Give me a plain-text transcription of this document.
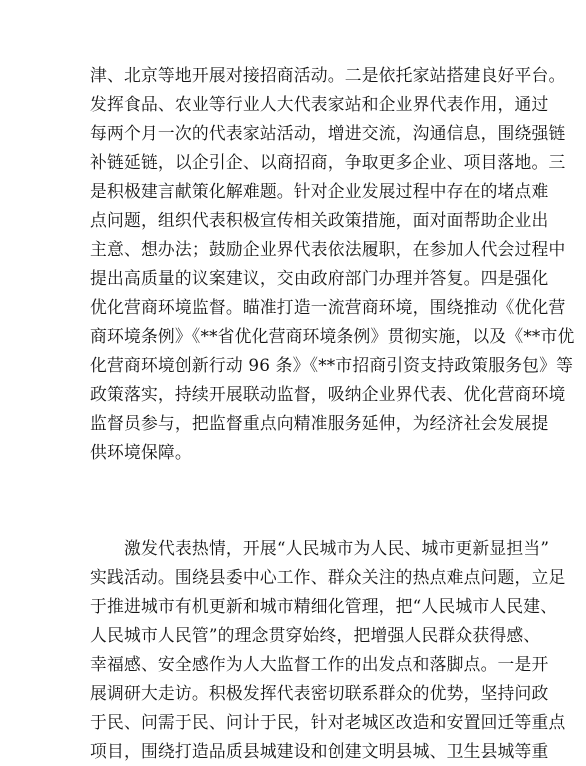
津、北京等地开展对接招商活动。二是依托家站搭建良好平台。
发挥食品、农业等行业人大代表家站和企业界代表作用，通过
每两个月一次的代表家站活动，增进交流，沟通信息，围绕强链
补链延链，以企引企、以商招商，争取更多企业、项目落地。三
是积极建言献策化解难题。针对企业发展过程中存在的堵点难
点问题，组织代表积极宣传相关政策措施，面对面帮助企业出
主意、想办法；鼓励企业界代表依法履职，在参加人代会过程中
提出高质量的议案建议，交由政府部门办理并答复。四是强化
优化营商环境监督。瞄准打造一流营商环境，围绕推动《优化营
商环境条例》《**省优化营商环境条例》贯彻实施，以及《**市优
化营商环境创新行动 96 条》《**市招商引资支持政策服务包》等
政策落实，持续开展联动监督，吸纳企业界代表、优化营商环境
监督员参与，把监督重点向精准服务延伸，为经济社会发展提
供环境保障。
激发代表热情，开展“人民城市为人民、城市更新显担当”
实践活动。围绕县委中心工作、群众关注的热点难点问题，立足
于推进城市有机更新和城市精细化管理，把“人民城市人民建、
人民城市人民管”的理念贯穿始终，把增强人民群众获得感、
幸福感、安全感作为人大监督工作的出发点和落脚点。一是开
展调研大走访。积极发挥代表密切联系群众的优势，坚持问政
于民、问需于民、问计于民，针对老城区改造和安置回迁等重点
项目，围绕打造品质县城建设和创建文明县城、卫生县城等重
